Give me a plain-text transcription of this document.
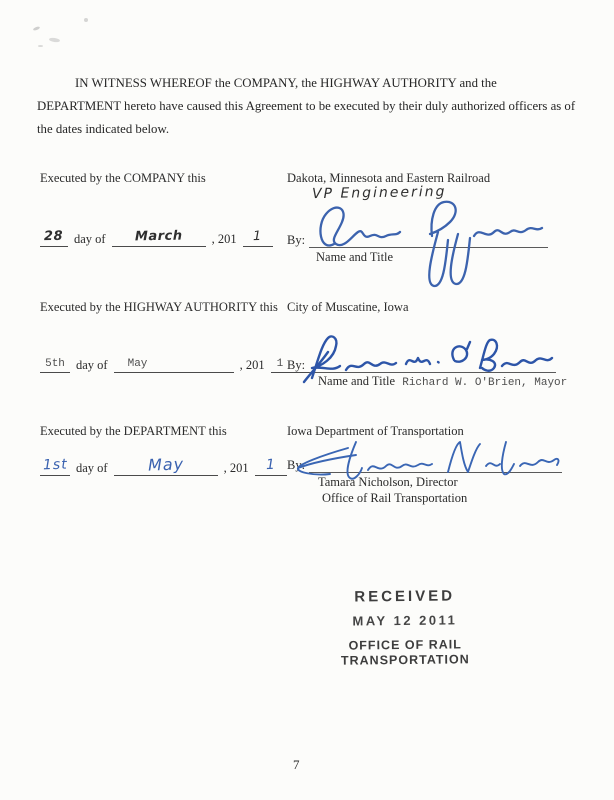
IN WITNESS WHEREOF the COMPANY, the HIGHWAY AUTHORITY and the DEPARTMENT hereto have caused this Agreement to be executed by their duly authorized officers as of the dates indicated below.
Executed by the COMPANY this	Dakota, Minnesota and Eastern Railroad
VP Engineering
28 day of	March	, 201	1	By:
Name and Title
Executed by the HIGHWAY AUTHORITY this City of Muscatine, Iowa
5th day of	May	, 201	1 By:
Name and Title Richard W. O'Brien, Mayor
Executed by the DEPARTMENT this	Iowa Department of Transportation
1st day of	May	, 201	1 By:
Tamara Nicholson, Director
Office of Rail Transportation
RECEIVED
MAY 12 2011
OFFICE OF RAIL
TRANSPORTATION
7
